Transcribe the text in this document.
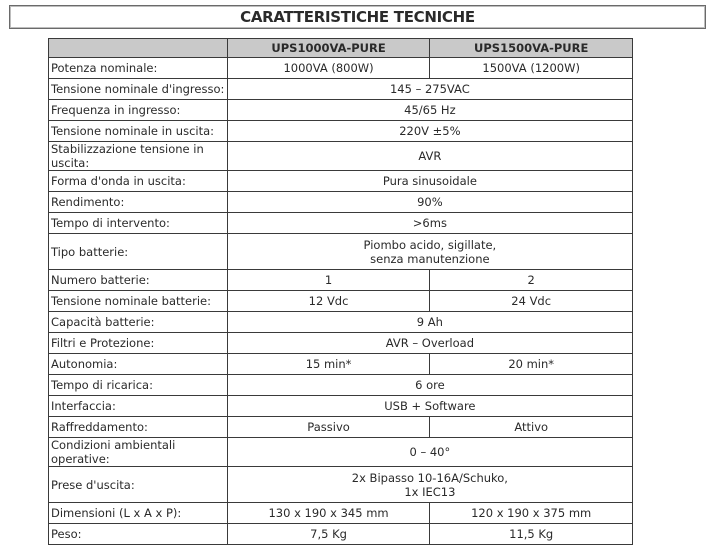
CARATTERISTICHE TECNICHE
	UPS1000VA-PURE	UPS1500VA-PURE
Potenza nominale:	1000VA (800W)	1500VA (1200W)
Tensione nominale d'ingresso:	145 – 275VAC	
Frequenza in ingresso:	45/65 Hz	
Tensione nominale in uscita:	220V ±5%	
Stabilizzazione tensione in uscita:	AVR	
Forma d'onda in uscita:	Pura sinusoidale	
Rendimento:	90%	
Tempo di intervento:	>6ms	
Tipo batterie:	Piombo acido, sigillate,
senza manutenzione	

Numero batterie:	1	2
Tensione nominale batterie:	12 Vdc	24 Vdc
Capacità batterie:	9 Ah	
Filtri e Protezione:	AVR – Overload	
Autonomia:	15 min*	20 min*
Tempo di ricarica:	6 ore	
Interfaccia:	USB + Software	
Raffreddamento:	Passivo	Attivo
Condizioni ambientali operative:	0 – 40°	
Prese d'uscita:	2x Bipasso 10-16A/Schuko,
1x IEC13	

Dimensioni (L x A x P):	130 x 190 x 345 mm	120 x 190 x 375 mm
Peso:	7,5 Kg	11,5 Kg
